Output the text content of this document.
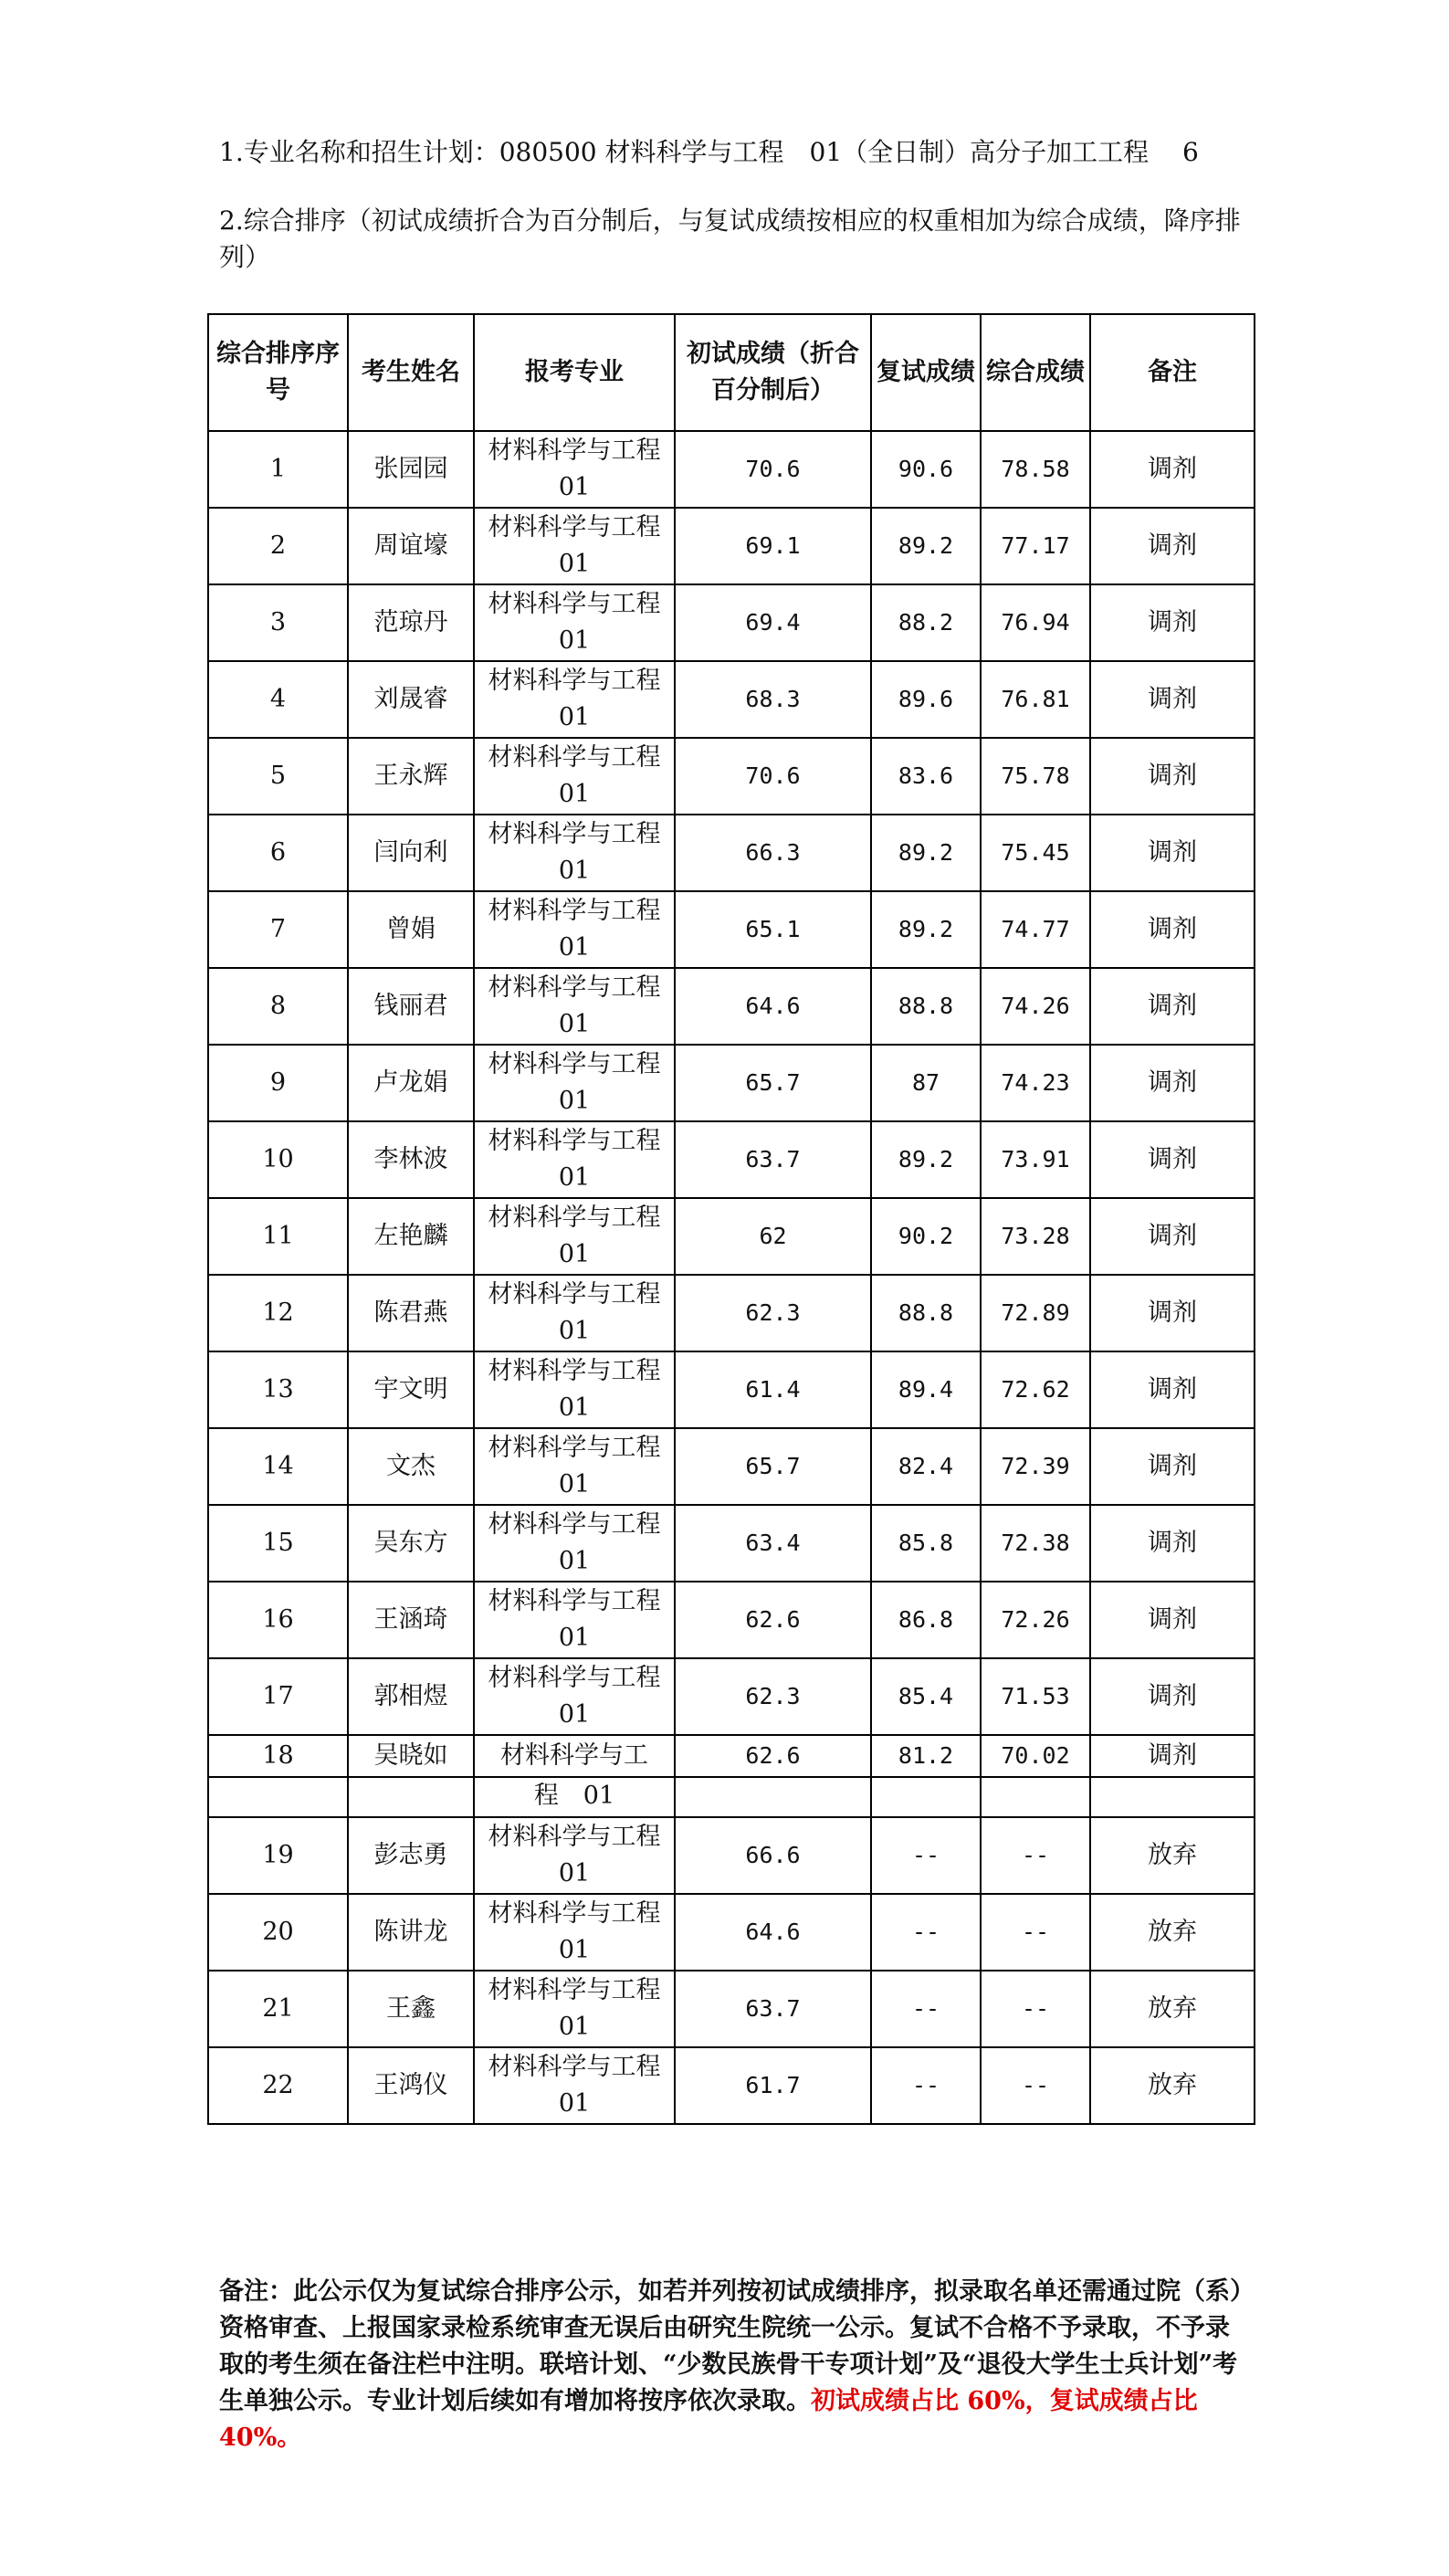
1.专业名称和招生计划：080500 材料科学与工程　01（全日制）高分子加工工程　 6
2.综合排序（初试成绩折合为百分制后，与复试成绩按相应的权重相加为综合成绩，降序排列）
综合排序序号	考生姓名	报考专业	初试成绩（折合百分制后）	复试成绩	综合成绩	备注
1	张园园	材料科学与工程　01	70.6	90.6	78.58	调剂
2	周谊壕	材料科学与工程　01	69.1	89.2	77.17	调剂
3	范琼丹	材料科学与工程　01	69.4	88.2	76.94	调剂
4	刘晟睿	材料科学与工程　01	68.3	89.6	76.81	调剂
5	王永辉	材料科学与工程　01	70.6	83.6	75.78	调剂
6	闫向利	材料科学与工程　01	66.3	89.2	75.45	调剂
7	曾娟	材料科学与工程　01	65.1	89.2	74.77	调剂
8	钱丽君	材料科学与工程　01	64.6	88.8	74.26	调剂
9	卢龙娟	材料科学与工程　01	65.7	87	74.23	调剂
10	李林波	材料科学与工程　01	63.7	89.2	73.91	调剂
11	左艳麟	材料科学与工程　01	62	90.2	73.28	调剂
12	陈君燕	材料科学与工程　01	62.3	88.8	72.89	调剂
13	宇文明	材料科学与工程　01	61.4	89.4	72.62	调剂
14	文杰	材料科学与工程　01	65.7	82.4	72.39	调剂
15	吴东方	材料科学与工程　01	63.4	85.8	72.38	调剂
16	王涵琦	材料科学与工程　01	62.6	86.8	72.26	调剂
17	郭相煜	材料科学与工程　01	62.3	85.4	71.53	调剂
18	吴晓如	材料科学与工	62.6	81.2	70.02	调剂
		程　01				
19	彭志勇	材料科学与工程　01	66.6	--	--	放弃
20	陈讲龙	材料科学与工程　01	64.6	--	--	放弃
21	王鑫	材料科学与工程　01	63.7	--	--	放弃
22	王鸿仪	材料科学与工程　01	61.7	--	--	放弃
备注：此公示仅为复试综合排序公示，如若并列按初试成绩排序，拟录取名单还需通过院（系）资格审查、上报国家录检系统审查无误后由研究生院统一公示。复试不合格不予录取，不予录取的考生须在备注栏中注明。联培计划、“少数民族骨干专项计划”及“退役大学生士兵计划”考生单独公示。专业计划后续如有增加将按序依次录取。初试成绩占比 60%，复试成绩占比 40%。
